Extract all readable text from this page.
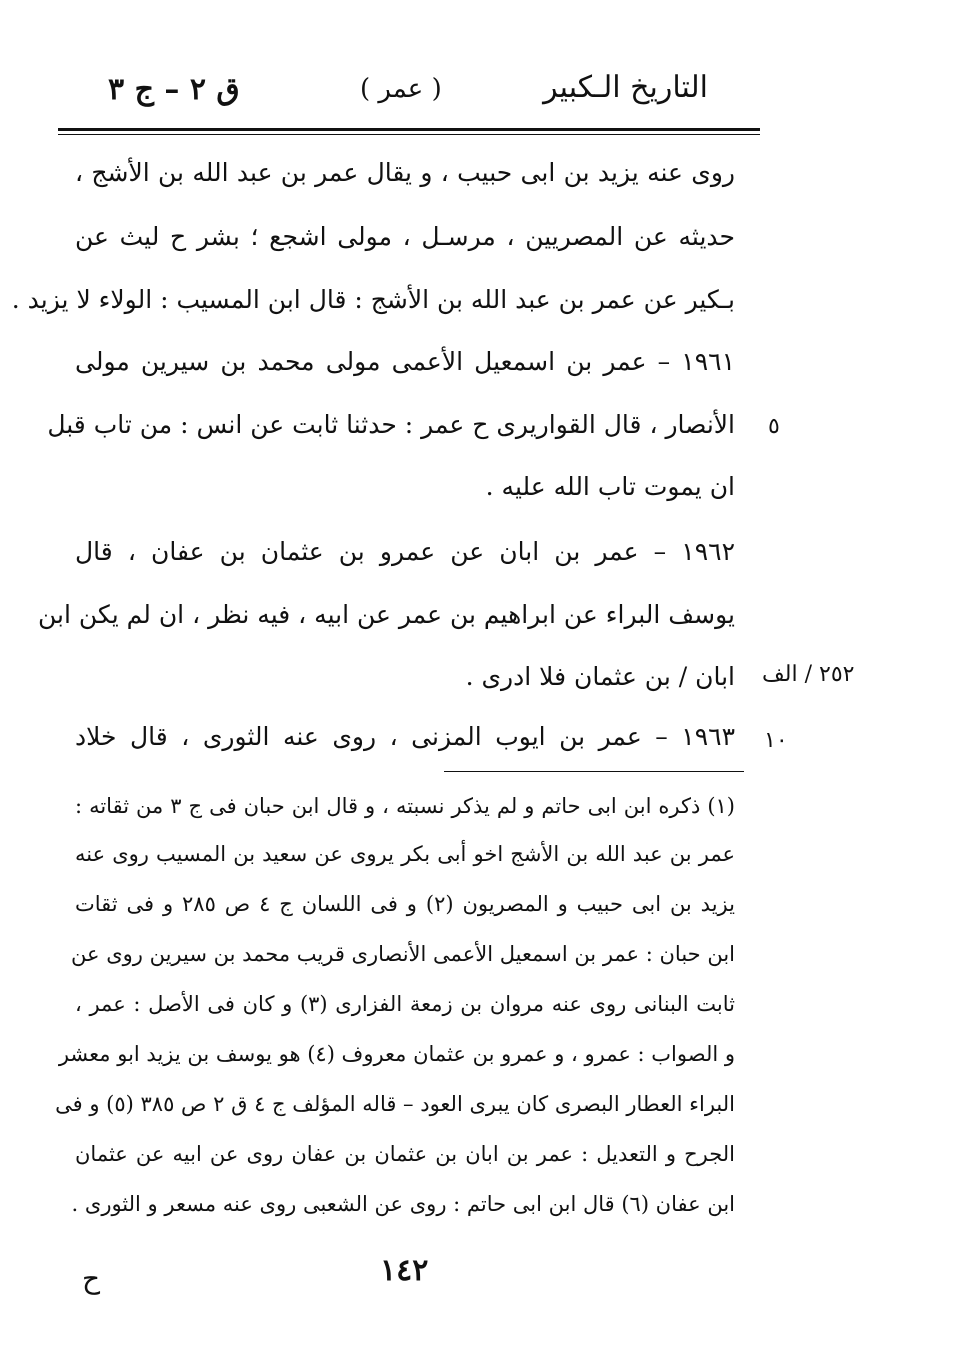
التاريخ الـكبير
( عمر )
ق ٢ – ج ٣
روى عنه يزيد بن ابى حبيب ، و يقال عمر بن عبد الله بن الأشج ،
حديثه عن المصريين ، مرسـل ، مولى اشجع ؛ بشر ح ليث عن
بـكير عن عمر بن عبد الله بن الأشج : قال ابن المسيب : الولاء لا يزيد .
١٩٦١ – عمر بن اسمعيل الأعمى مولى محمد بن سيرين مولى
الأنصار ، قال القواريرى ح عمر : حدثنا ثابت عن انس : من تاب قبل
ان يموت تاب الله عليه .
١٩٦٢ – عمر بن ابان عن عمرو بن عثمان بن عفان ، قال
يوسف البراء عن ابراهيم بن عمر عن ابيه ، فيه نظر ، ان لم يكن ابن
ابان / بن عثمان فلا ادرى .
١٩٦٣ – عمر بن ايوب المزنى ، روى عنه الثورى ، قال خلاد
٥
٢٥٢ / الف
١٠
(١) ذكره ابن ابى حاتم و لم يذكر نسبته ، و قال ابن حبان فى ج ٣ من ثقاته :
عمر بن عبد الله بن الأشج اخو أبى بكر يروى عن سعيد بن المسيب روى عنه
يزيد بن ابى حبيب و المصريون (٢) و فى اللسان ج ٤ ص ٢٨٥ و فى ثقات
ابن حبان : عمر بن اسمعيل الأعمى الأنصارى قريب محمد بن سيرين روى عن
ثابت البنانى روى عنه مروان بن زمعة الفزارى (٣) و كان فى الأصل : عمر ،
و الصواب : عمرو ، و عمرو بن عثمان معروف (٤) هو يوسف بن يزيد ابو معشر
البراء العطار البصرى كان يبرى العود – قاله المؤلف ج ٤ ق ٢ ص ٣٨٥ (٥) و فى
الجرح و التعديل : عمر بن ابان بن عثمان بن عفان روى عن ابيه عن عثمان
ابن عفان (٦) قال ابن ابى حاتم : روى عن الشعبى روى عنه مسعر و الثورى .
١٤٢
ح
